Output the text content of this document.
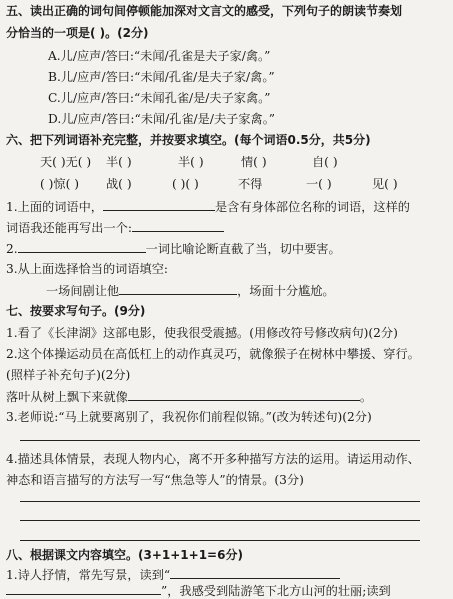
五、读出正确的词句间停顿能加深对文言文的感受，下列句子的朗读节奏划
分恰当的一项是( )。(2分)
A.儿/应声/答曰:“未闻/孔雀是夫子家/禽。”
B.儿/应声/答曰:“未闻/孔雀/是夫子家/禽。”
C.儿/应声/答曰:“未闻孔雀/是/夫子家禽。”
D.儿/应声/答曰:“未闻/孔雀/是/夫子家禽。”
六、把下列词语补充完整，并按要求填空。(每个词语0.5分，共5分)
天( )无( ) 半( )	半( )	情( )	自( )
( )惊( ) 战( )	( )( )	不得	一( )	见( )
1.上面的词语中，	是含有身体部位名称的词语，这样的
词语我还能再写出一个:
2.	一词比喻论断直截了当，切中要害。
3.从上面选择恰当的词语填空:
一场间剧让他	，场面十分尴尬。
七、按要求写句子。(9分)
1.看了《长津湖》这部电影，使我很受震撼。(用修改符号修改病句)(2分)
2.这个体操运动员在高低杠上的动作真灵巧，就像猴子在树林中攀援、穿行。
(照样子补充句子)(2分)
落叶从树上飘下来就像	。
3.老师说:“马上就要离别了，我祝你们前程似锦。”(改为转述句)(2分)
4.描述具体情景，表现人物内心，离不开多种描写方法的运用。请运用动作、
神态和语言描写的方法写一写“焦急等人”的情景。(3分)
八、根据课文内容填空。(3+1+1+1=6分)
1.诗人抒情，常先写景，读到“
”，我感受到陆游笔下北方山河的壮丽;读到
